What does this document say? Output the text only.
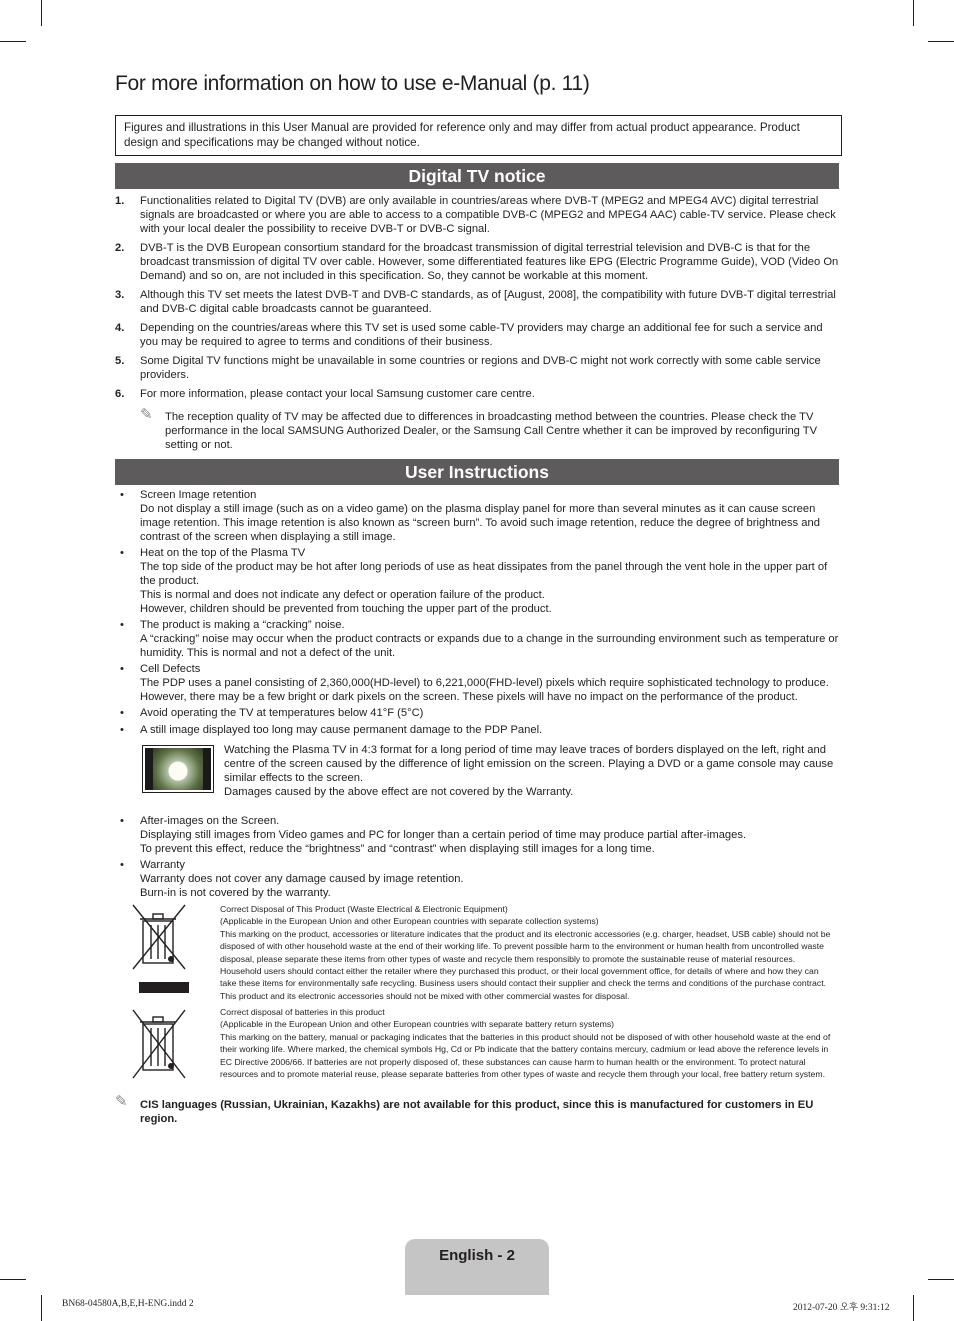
For more information on how to use e-Manual (p. 11)
Figures and illustrations in this User Manual are provided for reference only and may differ from actual product appearance. Product design and specifications may be changed without notice.
Digital TV notice
1. Functionalities related to Digital TV (DVB) are only available in countries/areas where DVB-T (MPEG2 and MPEG4 AVC) digital terrestrial signals are broadcasted or where you are able to access to a compatible DVB-C (MPEG2 and MPEG4 AAC) cable-TV service. Please check with your local dealer the possibility to receive DVB-T or DVB-C signal.
2. DVB-T is the DVB European consortium standard for the broadcast transmission of digital terrestrial television and DVB-C is that for the broadcast transmission of digital TV over cable. However, some differentiated features like EPG (Electric Programme Guide), VOD (Video On Demand) and so on, are not included in this specification. So, they cannot be workable at this moment.
3. Although this TV set meets the latest DVB-T and DVB-C standards, as of [August, 2008], the compatibility with future DVB-T digital terrestrial and DVB-C digital cable broadcasts cannot be guaranteed.
4. Depending on the countries/areas where this TV set is used some cable-TV providers may charge an additional fee for such a service and you may be required to agree to terms and conditions of their business.
5. Some Digital TV functions might be unavailable in some countries or regions and DVB-C might not work correctly with some cable service providers.
6. For more information, please contact your local Samsung customer care centre.
✎ The reception quality of TV may be affected due to differences in broadcasting method between the countries. Please check the TV performance in the local SAMSUNG Authorized Dealer, or the Samsung Call Centre whether it can be improved by reconfiguring TV setting or not.
User Instructions
• Screen Image retention
Do not display a still image (such as on a video game) on the plasma display panel for more than several minutes as it can cause screen image retention. This image retention is also known as “screen burn”. To avoid such image retention, reduce the degree of brightness and contrast of the screen when displaying a still image.
• Heat on the top of the Plasma TV
The top side of the product may be hot after long periods of use as heat dissipates from the panel through the vent hole in the upper part of the product.
This is normal and does not indicate any defect or operation failure of the product.
However, children should be prevented from touching the upper part of the product.
• The product is making a “cracking” noise.
A “cracking” noise may occur when the product contracts or expands due to a change in the surrounding environment such as temperature or humidity. This is normal and not a defect of the unit.
• Cell Defects
The PDP uses a panel consisting of 2,360,000(HD-level) to 6,221,000(FHD-level) pixels which require sophisticated technology to produce. However, there may be a few bright or dark pixels on the screen. These pixels will have no impact on the performance of the product.
• Avoid operating the TV at temperatures below 41°F (5°C)
• A still image displayed too long may cause permanent damage to the PDP Panel.
Watching the Plasma TV in 4:3 format for a long period of time may leave traces of borders displayed on the left, right and centre of the screen caused by the difference of light emission on the screen. Playing a DVD or a game console may cause similar effects to the screen.
Damages caused by the above effect are not covered by the Warranty.
• After-images on the Screen.
Displaying still images from Video games and PC for longer than a certain period of time may produce partial after-images.
To prevent this effect, reduce the “brightness” and “contrast” when displaying still images for a long time.
• Warranty
Warranty does not cover any damage caused by image retention.
Burn-in is not covered by the warranty.
Correct Disposal of This Product (Waste Electrical & Electronic Equipment)
(Applicable in the European Union and other European countries with separate collection systems)
This marking on the product, accessories or literature indicates that the product and its electronic accessories (e.g. charger, headset, USB cable) should not be disposed of with other household waste at the end of their working life. To prevent possible harm to the environment or human health from uncontrolled waste disposal, please separate these items from other types of waste and recycle them responsibly to promote the sustainable reuse of material resources. Household users should contact either the retailer where they purchased this product, or their local government office, for details of where and how they can take these items for environmentally safe recycling. Business users should contact their supplier and check the terms and conditions of the purchase contract. This product and its electronic accessories should not be mixed with other commercial wastes for disposal.
Correct disposal of batteries in this product
(Applicable in the European Union and other European countries with separate battery return systems)
This marking on the battery, manual or packaging indicates that the batteries in this product should not be disposed of with other household waste at the end of their working life. Where marked, the chemical symbols Hg, Cd or Pb indicate that the battery contains mercury, cadmium or lead above the reference levels in EC Directive 2006/66. If batteries are not properly disposed of, these substances can cause harm to human health or the environment. To protect natural resources and to promote material reuse, please separate batteries from other types of waste and recycle them through your local, free battery return system.
✎	CIS languages (Russian, Ukrainian, Kazakhs) are not available for this product, since this is manufactured for customers in EU region.
English - 2
BN68-04580A,B,E,H-ENG.indd 2	2012-07-20 오후 9:31:12
